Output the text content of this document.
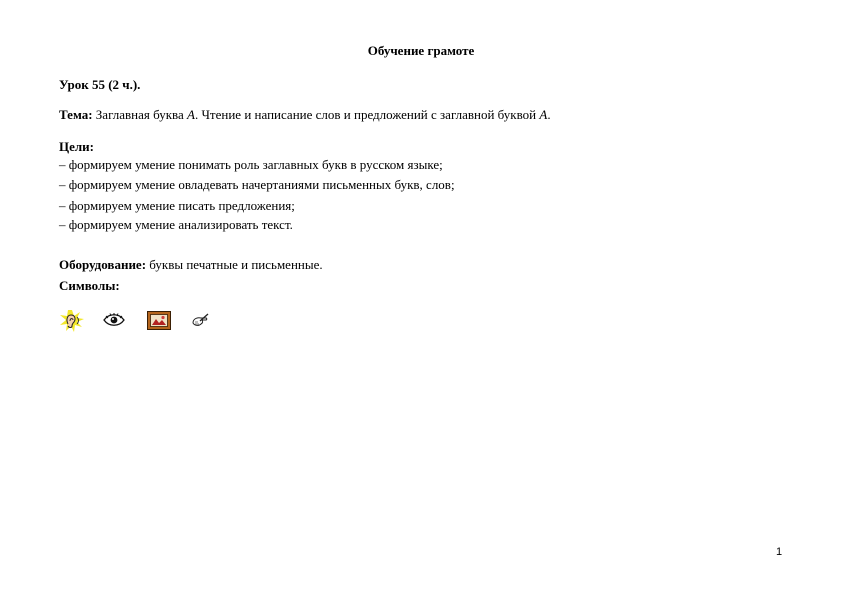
Обучение грамоте
Урок 55 (2 ч.).
Тема: Заглавная буква А. Чтение и написание слов и предложений с заглавной буквой А.
Цели:
– формируем умение понимать роль заглавных букв в русском языке;
– формируем умение овладевать начертаниями письменных букв, слов;
– формируем умение писать предложения;
– формируем умение анализировать текст.
Оборудование: буквы печатные и письменные.
Символы:
1
